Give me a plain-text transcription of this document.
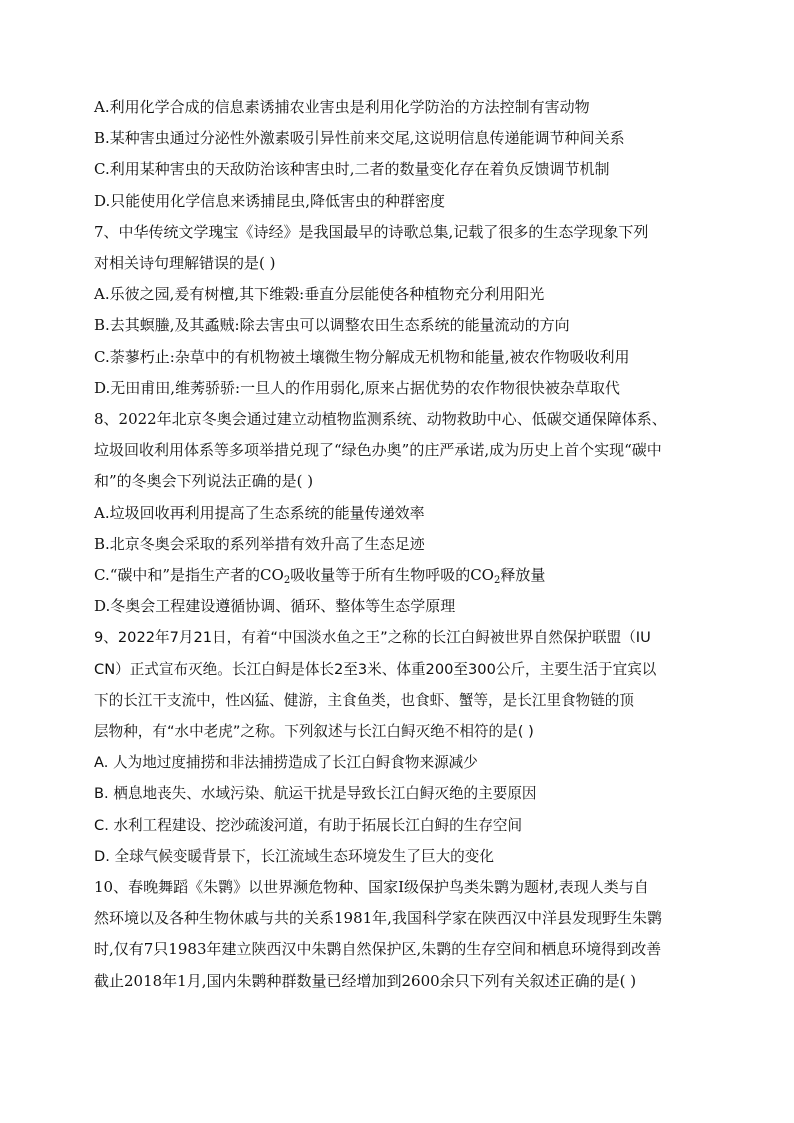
A.利用化学合成的信息素诱捕农业害虫是利用化学防治的方法控制有害动物
B.某种害虫通过分泌性外激素吸引异性前来交尾,这说明信息传递能调节种间关系
C.利用某种害虫的天敌防治该种害虫时,二者的数量变化存在着负反馈调节机制
D.只能使用化学信息来诱捕昆虫,降低害虫的种群密度
7、中华传统文学瑰宝《诗经》是我国最早的诗歌总集,记载了很多的生态学现象下列
对相关诗句理解错误的是( )
A.乐彼之园,爰有树檀,其下维榖:垂直分层能使各种植物充分利用阳光
B.去其螟螣,及其蟊贼:除去害虫可以调整农田生态系统的能量流动的方向
C.荼蓼朽止:杂草中的有机物被土壤微生物分解成无机物和能量,被农作物吸收利用
D.无田甫田,维莠骄骄:一旦人的作用弱化,原来占据优势的农作物很快被杂草取代
8、2022年北京冬奥会通过建立动植物监测系统、动物救助中心、低碳交通保障体系、
垃圾回收利用体系等多项举措兑现了“绿色办奥”的庄严承诺,成为历史上首个实现“碳中
和”的冬奥会下列说法正确的是( )
A.垃圾回收再利用提高了生态系统的能量传递效率
B.北京冬奥会采取的系列举措有效升高了生态足迹
C.“碳中和”是指生产者的$CO_2$吸收量等于所有生物呼吸的$CO_2$释放量
D.冬奥会工程建设遵循协调、循环、整体等生态学原理
9、2022年7月21日，有着“中国淡水鱼之王”之称的长江白鲟被世界自然保护联盟（IU
CN）正式宣布灭绝。长江白鲟是体长2至3米、体重200至300公斤，主要生活于宜宾以
下的长江干支流中，性凶猛、健游，主食鱼类，也食虾、蟹等，是长江里食物链的顶
层物种，有“水中老虎”之称。下列叙述与长江白鲟灭绝不相符的是( )
A. 人为地过度捕捞和非法捕捞造成了长江白鲟食物来源减少
B. 栖息地丧失、水域污染、航运干扰是导致长江白鲟灭绝的主要原因
C. 水利工程建设、挖沙疏浚河道，有助于拓展长江白鲟的生存空间
D. 全球气候变暖背景下，长江流域生态环境发生了巨大的变化
10、春晚舞蹈《朱鹮》以世界濒危物种、国家Ⅰ级保护鸟类朱鹮为题材,表现人类与自
然环境以及各种生物休戚与共的关系1981年,我国科学家在陕西汉中洋县发现野生朱鹮
时,仅有7只1983年建立陕西汉中朱鹮自然保护区,朱鹮的生存空间和栖息环境得到改善
截止2018年1月,国内朱鹮种群数量已经增加到2600余只下列有关叙述正确的是( )
